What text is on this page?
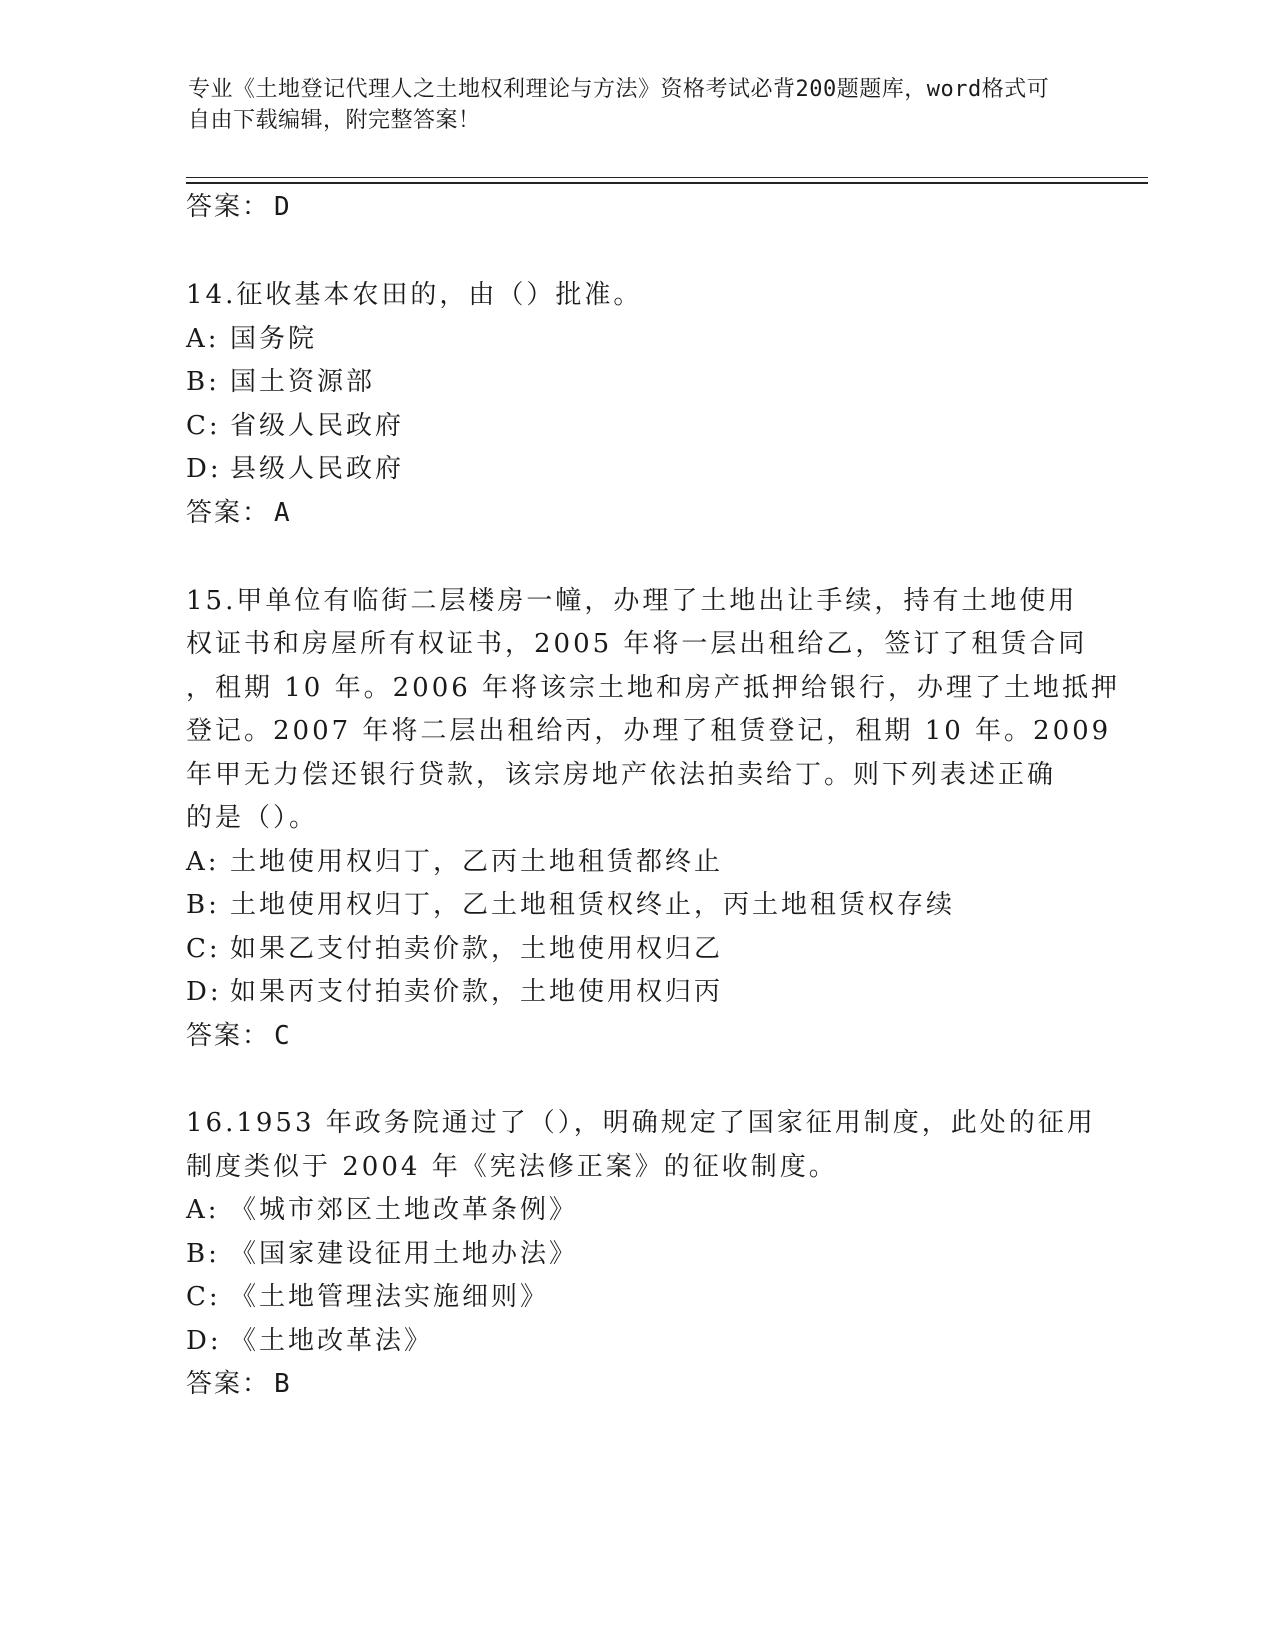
专业《土地登记代理人之土地权利理论与方法》资格考试必背200题题库，word格式可自由下载编辑，附完整答案！
答案： D
14.征收基本农田的，由（）批准。
A: 国务院
B: 国土资源部
C: 省级人民政府
D: 县级人民政府
答案： A
15.甲单位有临街二层楼房一幢，办理了土地出让手续，持有土地使用
权证书和房屋所有权证书，2005 年将一层出租给乙，签订了租赁合同
，租期 10 年。2006 年将该宗土地和房产抵押给银行，办理了土地抵押
登记。2007 年将二层出租给丙，办理了租赁登记，租期 10 年。2009
年甲无力偿还银行贷款，该宗房地产依法拍卖给丁。则下列表述正确
的是（）。
A: 土地使用权归丁，乙丙土地租赁都终止
B: 土地使用权归丁，乙土地租赁权终止，丙土地租赁权存续
C: 如果乙支付拍卖价款，土地使用权归乙
D: 如果丙支付拍卖价款，土地使用权归丙
答案： C
16.1953 年政务院通过了（），明确规定了国家征用制度，此处的征用
制度类似于 2004 年《宪法修正案》的征收制度。
A: 《城市郊区土地改革条例》
B: 《国家建设征用土地办法》
C: 《土地管理法实施细则》
D: 《土地改革法》
答案： B
